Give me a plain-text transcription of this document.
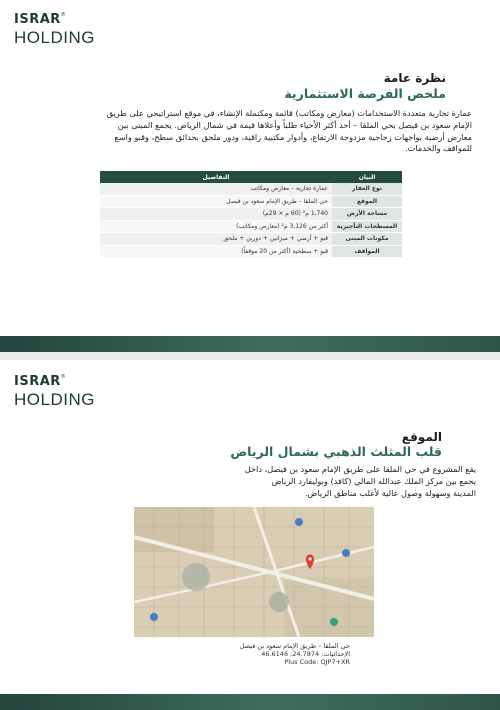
ISRAR®
HOLDING
نظرة عامة
ملخص الفرصة الاستثمارية
عمارة تجارية متعددة الاستخدامات (معارض ومكاتب) قائمة ومكتملة الإنشاء، في موقع استراتيجي على طريق
الإمام سعود بن فيصل بحي الملقا – أحد أكثر الأحياء طلباً وأعلاها قيمة في شمال الرياض. يجمع المبنى بين
معارض أرضية بواجهات زجاجية مزدوجة الارتفاع، وأدوار مكتبية راقية، ودور ملحق بحدائق سطح، وقبو واسع
للمواقف والخدمات.
البيان	التفاصيل
نوع العقار	عمارة تجارية – معارض ومكاتب
الموقع	حي الملقا – طريق الإمام سعود بن فيصل
مساحة الأرض	1,740 م² (60 م × 29م)
المسطحات التأجيرية	أكثر من 3,126 م² (معارض ومكاتب)
مكونات المبنى	قبو + أرضي + ميزانين + دورين + ملحق
المواقف	قبو + سطحية (أكثر من 20 موقفاً)
ISRAR®
HOLDING
الموقع
قلب المثلث الذهبي بشمال الرياض
يقع المشروع في حي الملقا على طريق الإمام سعود بن فيصل، داخل
يجمع بين مركز الملك عبدالله المالي (كافد) وبوليفارد الرياض
المدينة وسهولة وصول عالية لأغلب مناطق الرياض.
حي الملقا – طريق الإمام سعود بن فيصل
الإحداثيات: 24.7874, 46.6146
Plus Code: QJP7+XR
